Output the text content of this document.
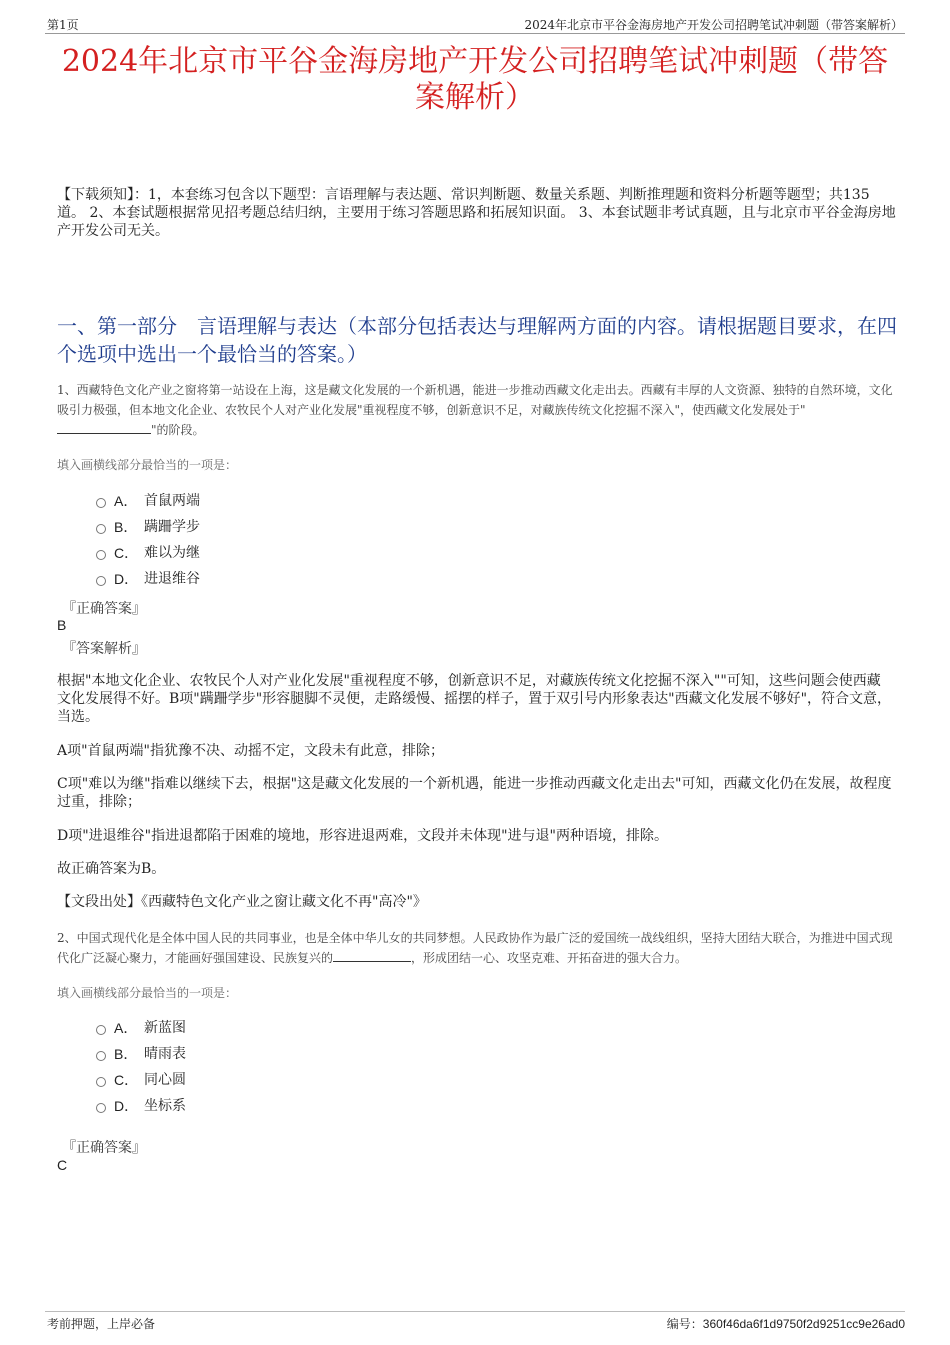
第1页	2024年北京市平谷金海房地产开发公司招聘笔试冲刺题（带答案解析）
2024年北京市平谷金海房地产开发公司招聘笔试冲刺题（带答
案解析）
【下载须知】：1，本套练习包含以下题型：言语理解与表达题、常识判断题、数量关系题、判断推理题和资料分析题等题型；共135道。 2、本套试题根据常见招考题总结归纳，主要用于练习答题思路和拓展知识面。 3、本套试题非考试真题，且与北京市平谷金海房地产开发公司无关。
一、第一部分　言语理解与表达（本部分包括表达与理解两方面的内容。请根据题目要求，在四个选项中选出一个最恰当的答案。）
1、西藏特色文化产业之窗将第一站设在上海，这是藏文化发展的一个新机遇，能进一步推动西藏文化走出去。西藏有丰厚的人文资源、独特的自然环境，文化吸引力极强，但本地文化企业、农牧民个人对产业化发展"重视程度不够，创新意识不足，对藏族传统文化挖掘不深入"，使西藏文化发展处于""的阶段。
填入画横线部分最恰当的一项是：
A． 首鼠两端
B． 蹒跚学步
C． 难以为继
D． 进退维谷
『正确答案』
B
『答案解析』
根据"本地文化企业、农牧民个人对产业化发展"重视程度不够，创新意识不足，对藏族传统文化挖掘不深入""可知，这些问题会使西藏文化发展得不好。B项"蹒跚学步"形容腿脚不灵便，走路缓慢、摇摆的样子，置于双引号内形象表达"西藏文化发展不够好"，符合文意，当选。
A项"首鼠两端"指犹豫不决、动摇不定，文段未有此意，排除；
C项"难以为继"指难以继续下去，根据"这是藏文化发展的一个新机遇，能进一步推动西藏文化走出去"可知，西藏文化仍在发展，故程度过重，排除；
D项"进退维谷"指进退都陷于困难的境地，形容进退两难，文段并未体现"进与退"两种语境，排除。
故正确答案为B。
【文段出处】《西藏特色文化产业之窗让藏文化不再"高冷"》
2、中国式现代化是全体中国人民的共同事业，也是全体中华儿女的共同梦想。人民政协作为最广泛的爱国统一战线组织，坚持大团结大联合，为推进中国式现代化广泛凝心聚力，才能画好强国建设、民族复兴的	，形成团结一心、攻坚克难、开拓奋进的强大合力。
填入画横线部分最恰当的一项是：
A． 新蓝图
B． 晴雨表
C． 同心圆
D． 坐标系
『正确答案』
C
考前押题，上岸必备	编号：360f46da6f1d9750f2d9251cc9e26ad0
